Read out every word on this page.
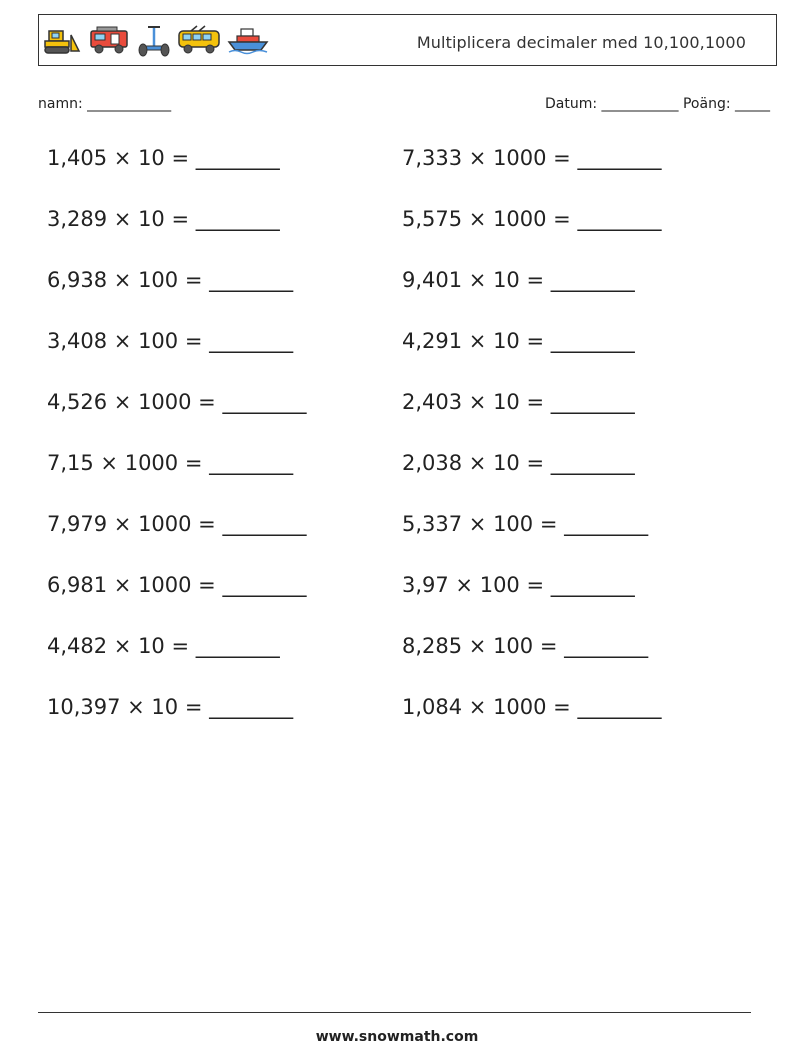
Multiplicera decimaler med 10,100,1000
namn: ____________	Datum: ___________ Poäng: _____
1,405 × 10 = ________	7,333 × 1000 = ________
3,289 × 10 = ________	5,575 × 1000 = ________
6,938 × 100 = ________	9,401 × 10 = ________
3,408 × 100 = ________	4,291 × 10 = ________
4,526 × 1000 = ________	2,403 × 10 = ________
7,15 × 1000 = ________	2,038 × 10 = ________
7,979 × 1000 = ________	5,337 × 100 = ________
6,981 × 1000 = ________	3,97 × 100 = ________
4,482 × 10 = ________	8,285 × 100 = ________
10,397 × 10 = ________	1,084 × 1000 = ________
www.snowmath.com
